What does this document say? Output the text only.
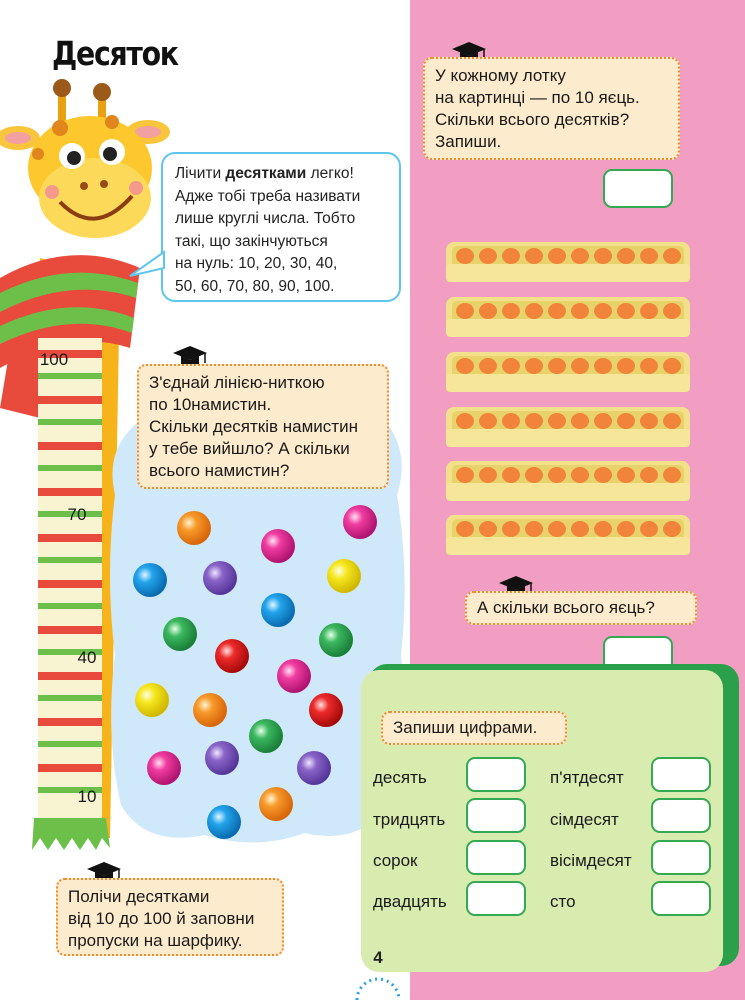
Десяток
100
70
40
10
Лічити десятками легко!
Адже тобі треба називати
лише круглі числа. Тобто
такі, що закінчуються
на нуль: 10, 20, 30, 40,
50, 60, 70, 80, 90, 100.
З'єднай лінією-ниткою
по 10намистин.
Скільки десятків намистин
у тебе вийшло? А скільки
всього намистин?
Полічи десятками
від 10 до 100 й заповни
пропуски на шарфику.
У кожному лотку
на картинці — по 10 яєць.
Скільки всього десятків?
Запиши.
А скільки всього яєць?
Запиши цифрами.
десять
тридцять
сорок
двадцять
п'ятдесят
сімдесят
вісімдесят
сто
4
